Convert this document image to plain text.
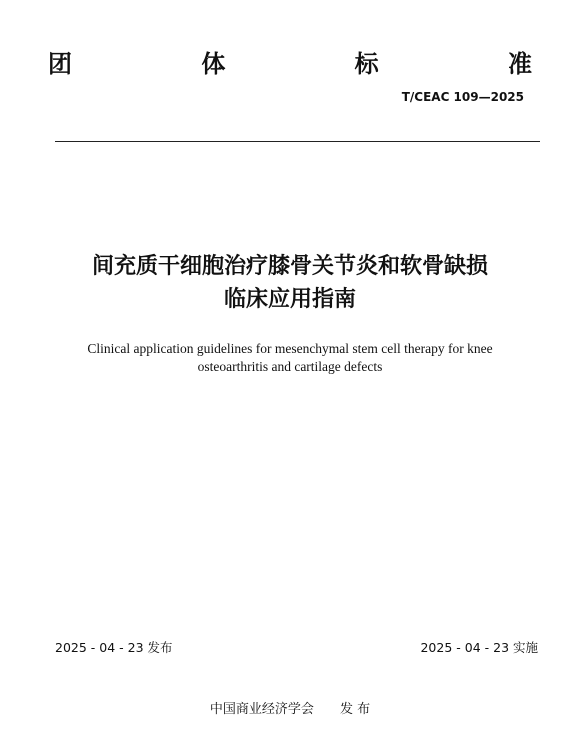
团	体	标	准
T/CEAC 109—2025
间充质干细胞治疗膝骨关节炎和软骨缺损
临床应用指南
Clinical application guidelines for mesenchymal stem cell therapy for knee
osteoarthritis and cartilage defects
2025 - 04 - 23 发布	2025 - 04 - 23 实施
中国商业经济学会 发 布
